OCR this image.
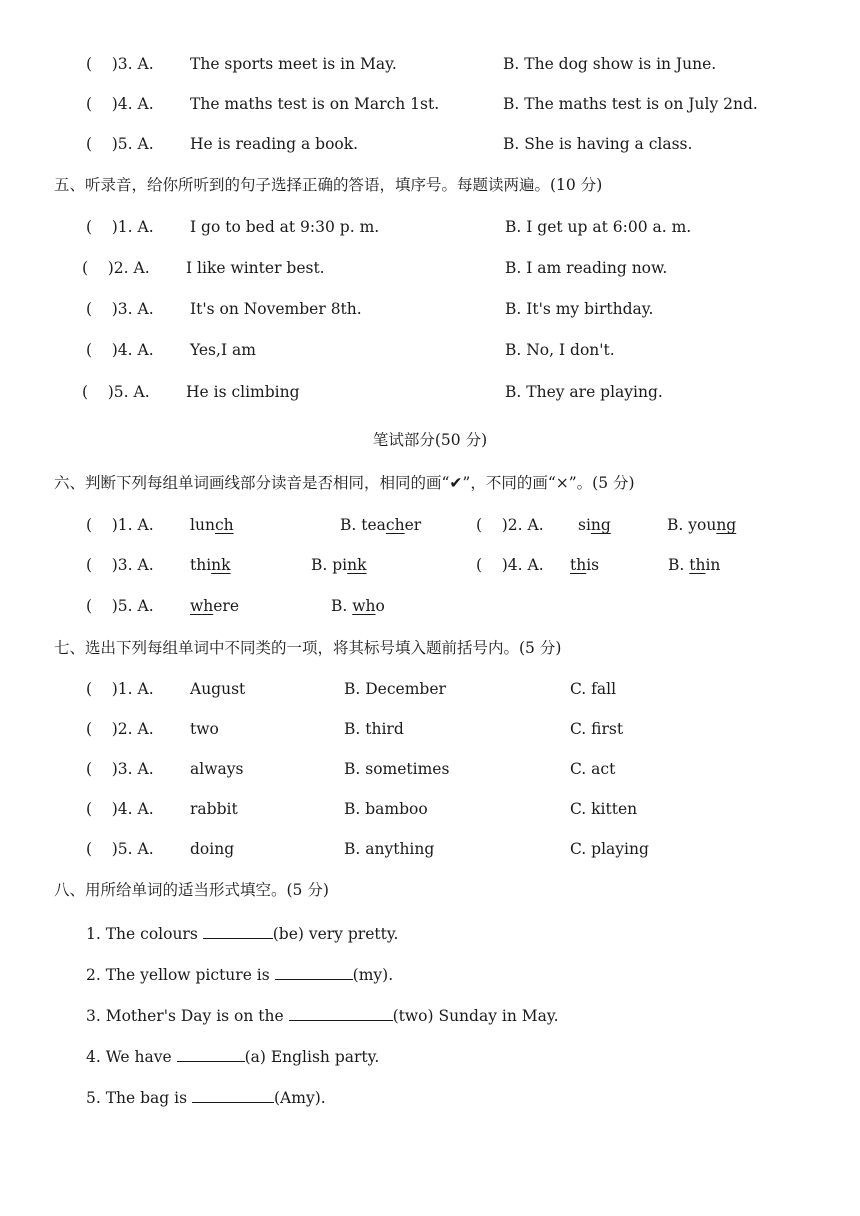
(    )3. A. The sports meet is in May.	B. The dog show is in June.
(    )4. A. The maths test is on March 1st.	B. The maths test is on July 2nd.
(    )5. A. He is reading a book.	B. She is having a class.
五、听录音，给你所听到的句子选择正确的答语，填序号。每题读两遍。(10 分)
(    )1. A. I go to bed at 9:30 p. m.	B. I get up at 6:00 a. m.
(    )2. A. I like winter best.	B. I am reading now.
(    )3. A. It's on November 8th.	B. It's my birthday.
(    )4. A. Yes,I am	B. No, I don't.
(    )5. A. He is climbing	B. They are playing.
笔试部分(50 分)
六、判断下列每组单词画线部分读音是否相同，相同的画“✔”，不同的画“×”。(5 分)
(    )1. A. lunch	B. teacher	(    )2. A. sing	B. young
(    )3. A. think	B. pink	(    )4. A. this	B. thin
(    )5. A. where	B. who
七、选出下列每组单词中不同类的一项，将其标号填入题前括号内。(5 分)
(    )1. A. August	B. December	C. fall
(    )2. A. two	B. third	C. first
(    )3. A. always	B. sometimes	C. act
(    )4. A. rabbit	B. bamboo	C. kitten
(    )5. A. doing	B. anything	C. playing
八、用所给单词的适当形式填空。(5 分)
1. The colours	(be) very pretty.
2. The yellow picture is	(my).
3. Mother's Day is on the	(two) Sunday in May.
4. We have	(a) English party.
5. The bag is	(Amy).
